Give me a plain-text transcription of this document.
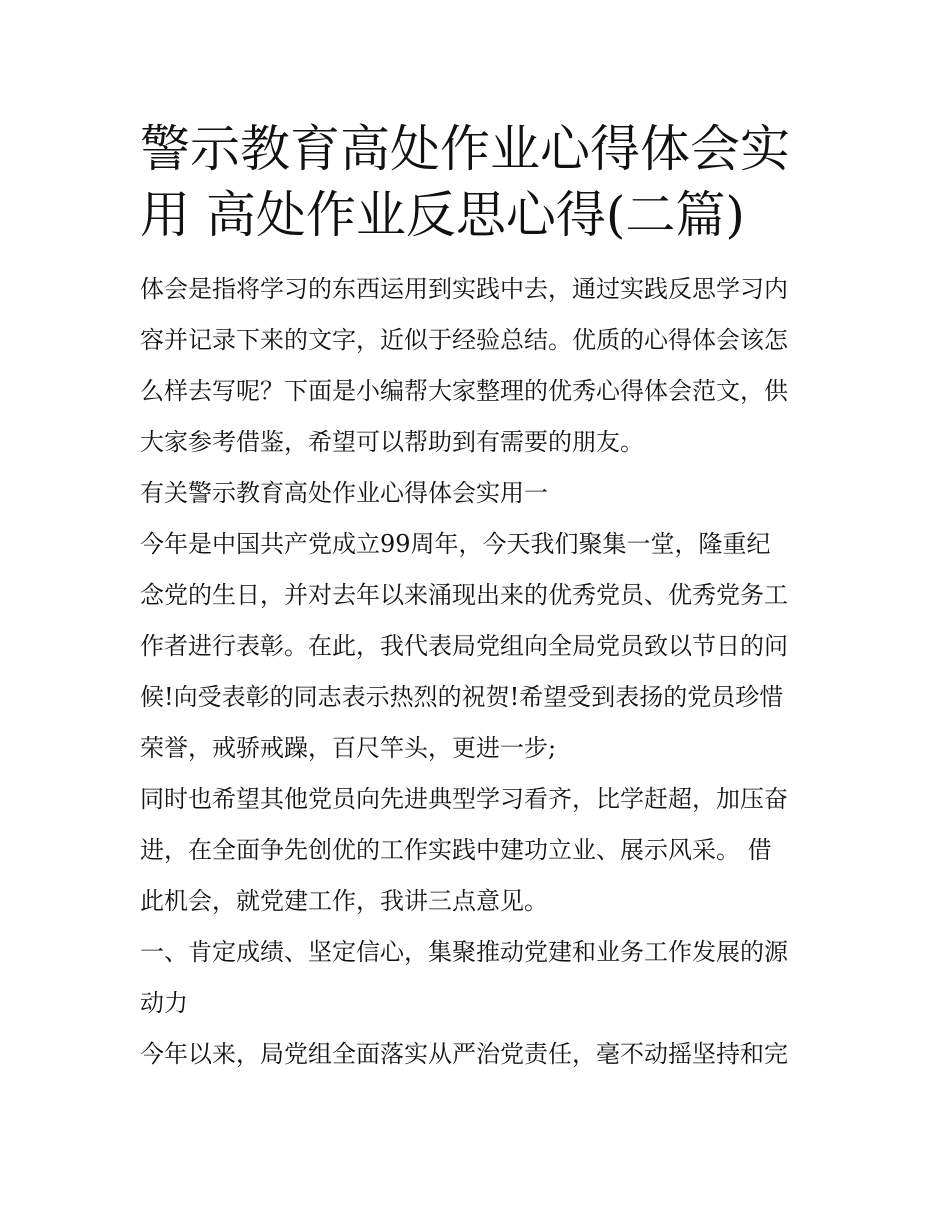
警示教育高处作业心得体会实
用 高处作业反思心得(二篇)

体会是指将学习的东西运用到实践中去，通过实践反思学习内
容并记录下来的文字，近似于经验总结。优质的心得体会该怎
么样去写呢？下面是小编帮大家整理的优秀心得体会范文，供
大家参考借鉴，希望可以帮助到有需要的朋友。

有关警示教育高处作业心得体会实用一

今年是中国共产党成立99周年，今天我们聚集一堂，隆重纪
念党的生日，并对去年以来涌现出来的优秀党员、优秀党务工
作者进行表彰。在此，我代表局党组向全局党员致以节日的问
候!向受表彰的同志表示热烈的祝贺!希望受到表扬的党员珍惜
荣誉，戒骄戒躁，百尺竿头，更进一步;

同时也希望其他党员向先进典型学习看齐，比学赶超，加压奋
进，在全面争先创优的工作实践中建功立业、展示风采。 借
此机会，就党建工作，我讲三点意见。

一、肯定成绩、坚定信心，集聚推动党建和业务工作发展的源
动力

今年以来，局党组全面落实从严治党责任，毫不动摇坚持和完
